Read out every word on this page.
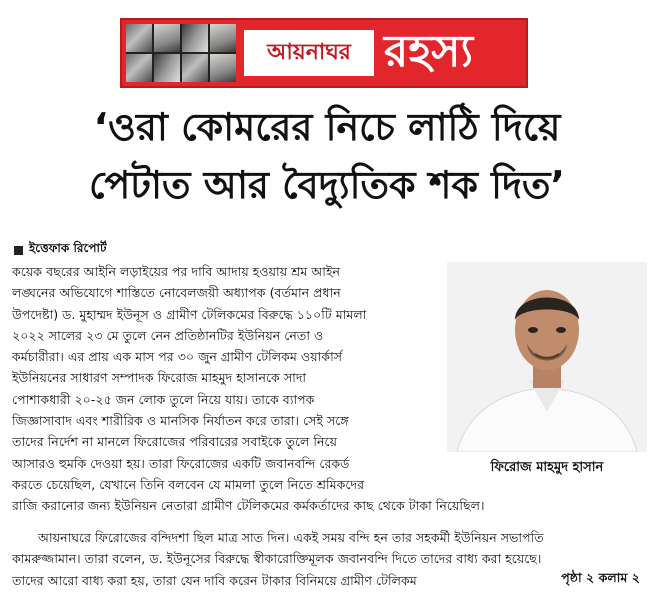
আয়নাঘর রহস্য
‘ওরা কোমরের নিচে লাঠি দিয়ে
পেটাত আর বৈদ্যুতিক শক দিত’
ইত্তেফাক রিপোর্ট
কয়েক বছরের আইনি লড়াইয়ের পর দাবি আদায় হওয়ায় শ্রম আইন
লঙ্ঘনের অভিযোগে শাস্তিতে নোবেলজয়ী অধ্যাপক (বর্তমান প্রধান
উপদেষ্টা) ড. মুহাম্মদ ইউনূস ও গ্রামীণ টেলিকমের বিরুদ্ধে ১১০টি মামলা
২০২২ সালের ২৩ মে তুলে নেন প্রতিষ্ঠানটির ইউনিয়ন নেতা ও
কর্মচারীরা। এর প্রায় এক মাস পর ৩০ জুন গ্রামীণ টেলিকম ওয়ার্কার্স
ইউনিয়নের সাধারণ সম্পাদক ফিরোজ মাহমুদ হাসানকে সাদা
পোশাকধারী ২০-২৫ জন লোক তুলে নিয়ে যায়। তাকে ব্যাপক
জিজ্ঞাসাবাদ এবং শারীরিক ও মানসিক নির্যাতন করে তারা। সেই সঙ্গে
তাদের নির্দেশ না মানলে ফিরোজের পরিবারের সবাইকে তুলে নিয়ে
আসারও হুমকি দেওয়া হয়। তারা ফিরোজের একটি জবানবন্দি রেকর্ড
করতে চেয়েছিল, যেখানে তিনি বলবেন যে মামলা তুলে নিতে শ্রমিকদের
রাজি করানোর জন্য ইউনিয়ন নেতারা গ্রামীণ টেলিকমের কর্মকর্তাদের কাছ থেকে টাকা নিয়েছিল।
ফিরোজ মাহমুদ হাসান
আয়নাঘরে ফিরোজের বন্দিদশা ছিল মাত্র সাত দিন। একই সময় বন্দি হন তার সহকর্মী ইউনিয়ন সভাপতি
কামরুজ্জামান। তারা বলেন, ড. ইউনূসের বিরুদ্ধে স্বীকারোক্তিমূলক জবানবন্দি দিতে তাদের বাধ্য করা হয়েছে।
তাদের আরো বাধ্য করা হয়, তারা যেন দাবি করেন টাকার বিনিময়ে গ্রামীণ টেলিকম	পৃষ্ঠা ২ কলাম ২
